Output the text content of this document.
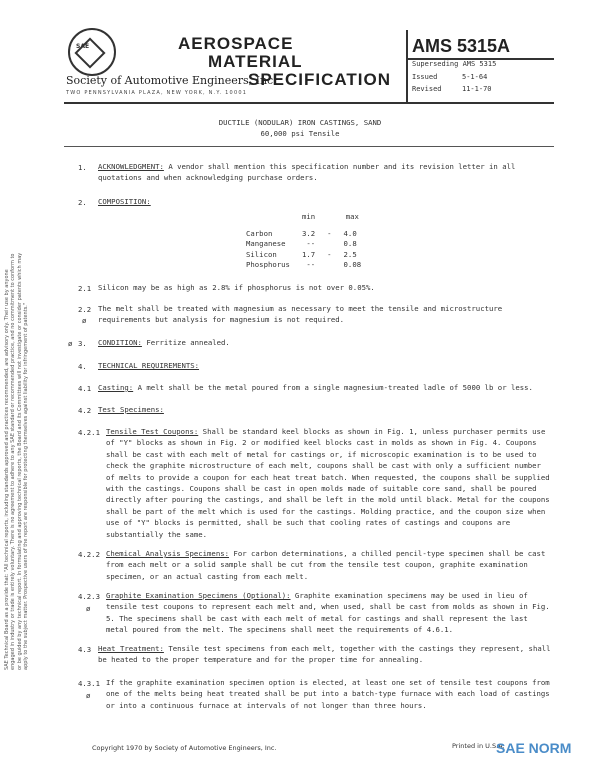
SAE	AEROSPACE
MATERIAL
SPECIFICATION
Society of Automotive Engineers, Inc.
TWO PENNSYLVANIA PLAZA, NEW YORK, N.Y. 10001
AMS 5315A
Superseding AMS 5315
Issued	5-1-64
Revised	11-1-70
SAE Technical Board as a provide that: "All technical reports, including standards approved and practices recommended, are advisory only. Their use by anyone engaged in industry or trade is entirely voluntary. There is no agreement to adhere to any SAE standard or recommended practice, and no commitment to conform to or be guided by any technical report. In formulating and approving technical reports, the Board and its Committees will not investigate or consider patents which may apply to the subject matter. Prospective users of the report are responsible for protecting themselves against liability for infringement of patents."
DUCTILE (NODULAR) IRON CASTINGS, SAND
60,000 psi Tensile
1. ACKNOWLEDGMENT: A vendor shall mention this specification number and its revision letter in all quotations and when acknowledging purchase orders.
2. COMPOSITION:
	min		max

Carbon	3.2	-	4.0
Manganese	--		0.8
Silicon	1.7	-	2.5
Phosphorus	--		0.08
2.1 Silicon may be as high as 2.8% if phosphorus is not over 0.05%.
2.2
ø
The melt shall be treated with magnesium as necessary to meet the tensile and microstructure requirements but analysis for magnesium is not required.
ø 3. CONDITION: Ferritize annealed.
4. TECHNICAL REQUIREMENTS:
4.1 Casting: A melt shall be the metal poured from a single magnesium-treated ladle of 5000 lb or less.
4.2 Test Specimens:
4.2.1 Tensile Test Coupons: Shall be standard keel blocks as shown in Fig. 1, unless purchaser permits use of "Y" blocks as shown in Fig. 2 or modified keel blocks cast in molds as shown in Fig. 4. Coupons shall be cast with each melt of metal for castings or, if microscopic examination is to be used to check the graphite microstructure of each melt, coupons shall be cast with only a sufficient number of melts to provide a coupon for each heat treat batch. When requested, the coupons shall be supplied with the castings. Coupons shall be cast in open molds made of suitable core sand, shall be poured directly after pouring the castings, and shall be left in the mold until black. Metal for the coupons shall be part of the melt which is used for the castings. Molding practice, and the coupon size when use of "Y" blocks is permitted, shall be such that cooling rates of castings and coupons are substantially the same.
4.2.2 Chemical Analysis Specimens: For carbon determinations, a chilled pencil-type specimen shall be cast from each melt or a solid sample shall be cut from the tensile test coupon, graphite examination specimen, or an actual casting from each melt.
4.2.3
ø
Graphite Examination Specimens (Optional): Graphite examination specimens may be used in lieu of tensile test coupons to represent each melt and, when used, shall be cast from molds as shown in Fig. 5. The specimens shall be cast with each melt of metal for castings and shall represent the last metal poured from the melt. The specimens shall meet the requirements of 4.6.1.
4.3 Heat Treatment: Tensile test specimens from each melt, together with the castings they represent, shall be heated to the proper temperature and for the proper time for annealing.
4.3.1
ø
If the graphite examination specimen option is elected, at least one set of tensile test coupons from one of the melts being heat treated shall be put into a batch-type furnace with each load of castings or into a continuous furnace at intervals of not longer than three hours.
Copyright 1970 by Society of Automotive Engineers, Inc.	Printed in U.S.A.
SAE NORM
